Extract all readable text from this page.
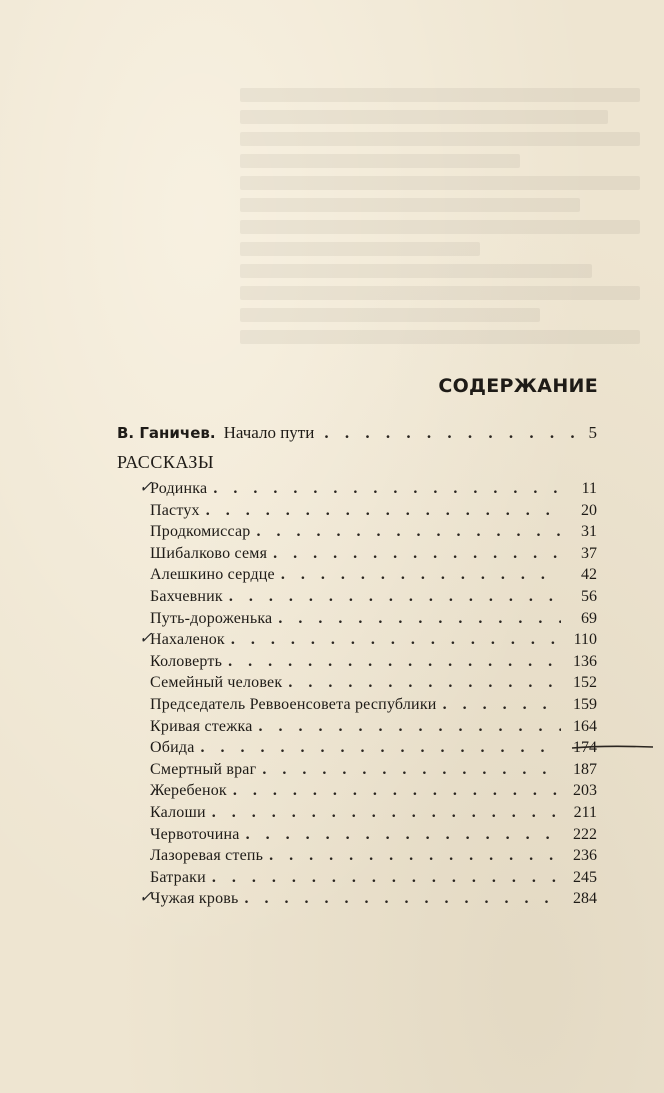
СОДЕРЖАНИЕ
В. Ганичев. Начало пути . . .	5
РАССКАЗЫ
✓
Родинка . . .	11
Пастух . . .	20
Продкомиссар . . .	31
Шибалково семя . . .	37
Алешкино сердце . . .	42
Бахчевник . . .	56
Путь-дороженька . . .	69
✓
Нахаленок . . .	110
Коловерть . . .	136
Семейный человек . . .	152
Председатель Реввоенсовета республики . . .	159
Кривая стежка . . .	164
Обида . . .	174
Смертный враг . . .	187
Жеребенок . . .	203
Калоши . . .	211
Червоточина . . .	222
Лазоревая степь . . .	236
Батраки . . .	245
✓
Чужая кровь . . .	284
